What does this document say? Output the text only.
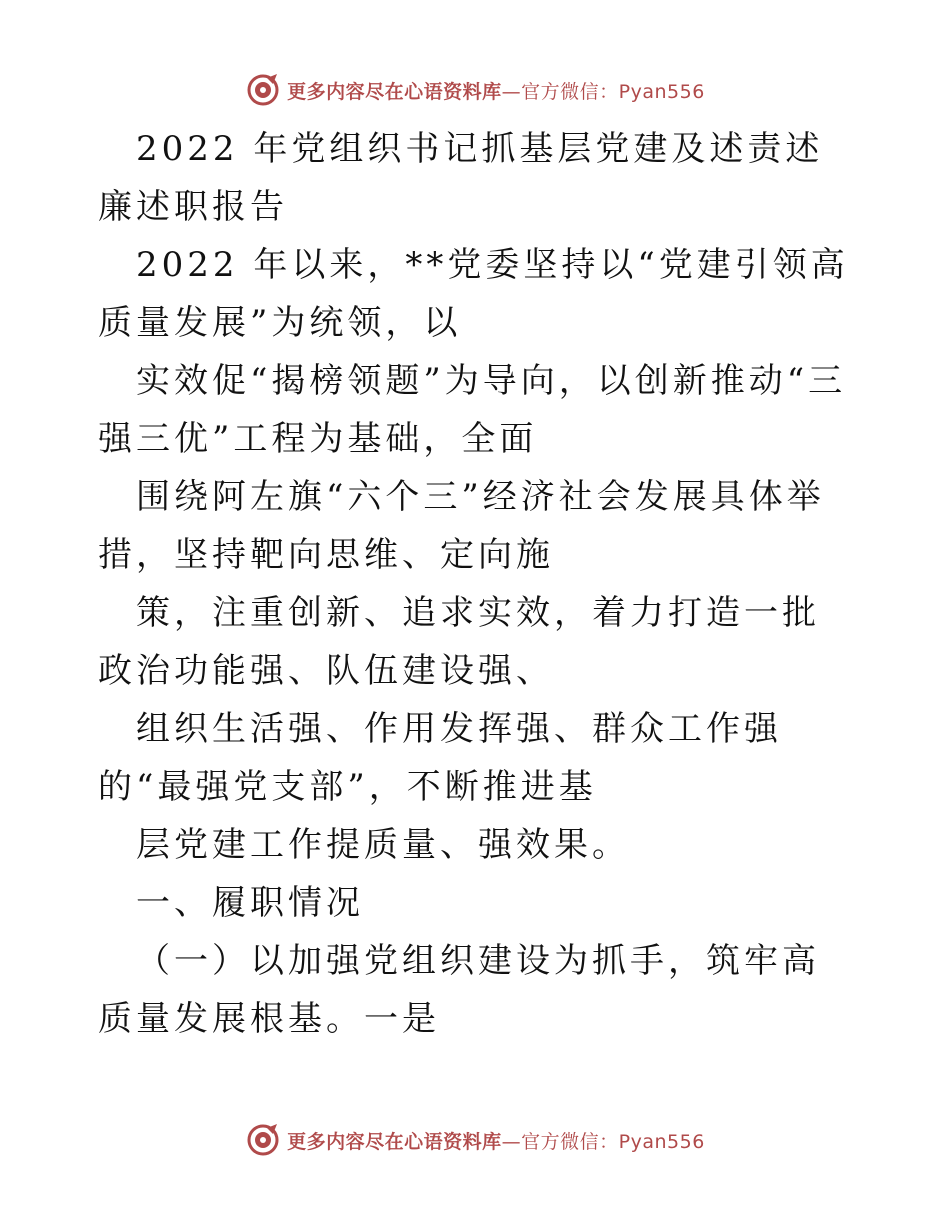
更多内容尽在心语资料库—官方微信：Pyan556

2022 年党组织书记抓基层党建及述责述廉述职报告

2022 年以来，**党委坚持以“党建引领高质量发展”为统领，以

实效促“揭榜领题”为导向，以创新推动“三强三优”工程为基础，全面

围绕阿左旗“六个三”经济社会发展具体举措，坚持靶向思维、定向施

策，注重创新、追求实效，着力打造一批政治功能强、队伍建设强、

组织生活强、作用发挥强、群众工作强的“最强党支部”，不断推进基

层党建工作提质量、强效果。

一、履职情况

（一）以加强党组织建设为抓手，筑牢高质量发展根基。一是

更多内容尽在心语资料库—官方微信：Pyan556
